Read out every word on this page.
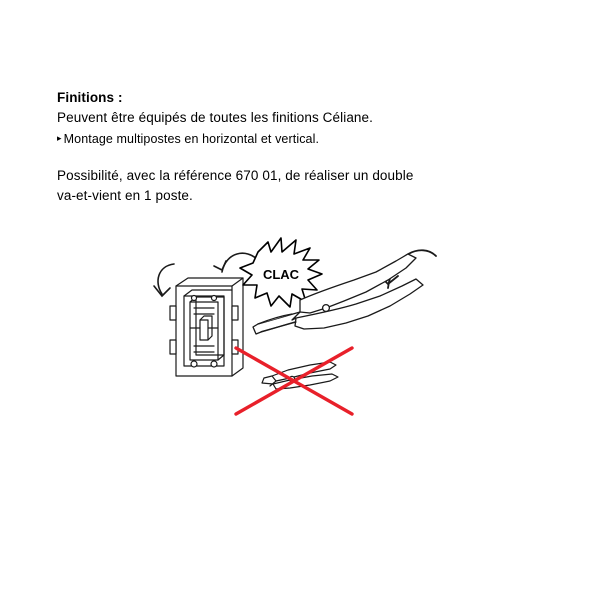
Finitions :

Peuvent être équipés de toutes les finitions Céliane.

▸ Montage multipostes en horizontal et vertical.

Possibilité, avec la référence 670 01, de réaliser un double

va-et-vient en 1 poste.

CLAC
